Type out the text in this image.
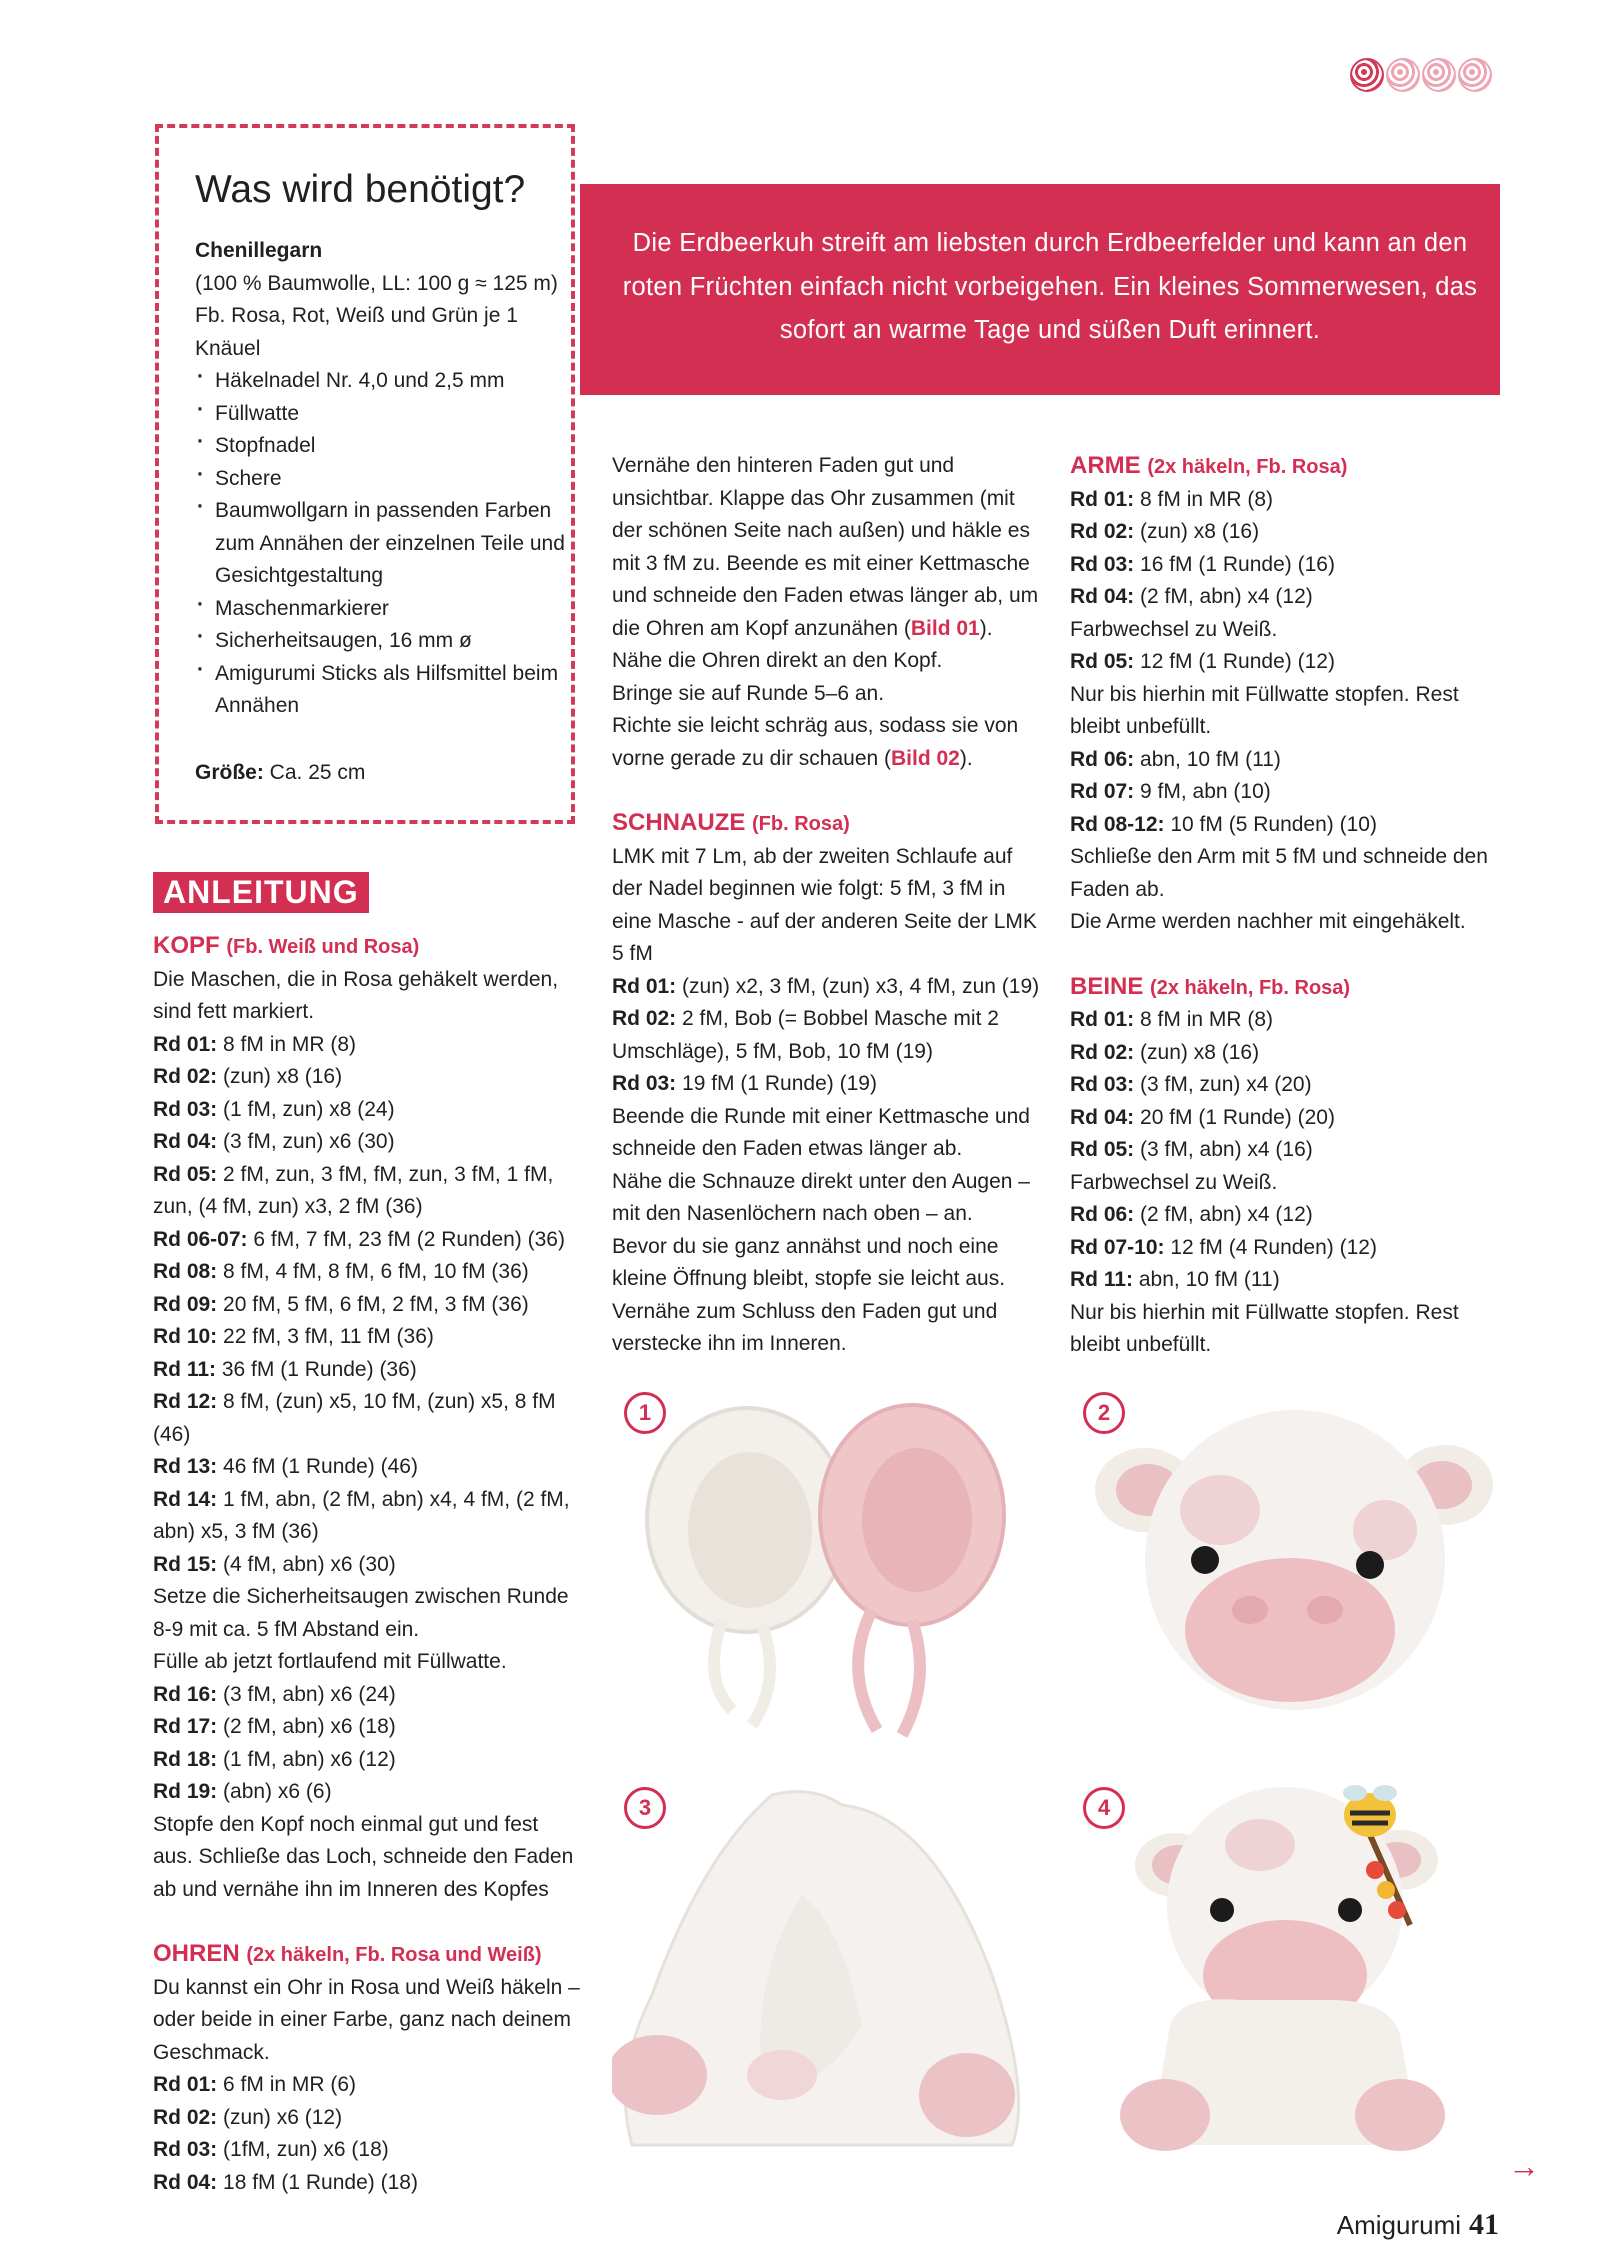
Was wird benötigt?
Chenillegarn
(100 % Baumwolle, LL: 100 g ≈ 125 m) Fb. Rosa, Rot, Weiß und Grün je 1 Knäuel
· Häkelnadel Nr. 4,0 und 2,5 mm
· Füllwatte
· Stopfnadel
· Schere
· Baumwollgarn in passenden Farben zum Annähen der einzelnen Teile und Gesichtgestaltung
· Maschenmarkierer
· Sicherheitsaugen, 16 mm ø
· Amigurumi Sticks als Hilfsmittel beim Annähen
Größe: Ca. 25 cm
Die Erdbeerkuh streift am liebsten durch Erdbeerfelder und kann an den roten Früchten einfach nicht vorbeigehen. Ein kleines Sommerwesen, das sofort an warme Tage und süßen Duft erinnert.
ANLEITUNG
KOPF (Fb. Weiß und Rosa)

Die Maschen, die in Rosa gehäkelt werden, sind fett markiert.

Rd 01: 8 fM in MR (8)

Rd 02: (zun) x8 (16)

Rd 03: (1 fM, zun) x8 (24)

Rd 04: (3 fM, zun) x6 (30)

Rd 05: 2 fM, zun, 3 fM, fM, zun, 3 fM, 1 fM, zun, (4 fM, zun) x3, 2 fM (36)

Rd 06-07: 6 fM, 7 fM, 23 fM (2 Runden) (36)

Rd 08: 8 fM, 4 fM, 8 fM, 6 fM, 10 fM (36)

Rd 09: 20 fM, 5 fM, 6 fM, 2 fM, 3 fM (36)

Rd 10: 22 fM, 3 fM, 11 fM (36)

Rd 11: 36 fM (1 Runde) (36)

Rd 12: 8 fM, (zun) x5, 10 fM, (zun) x5, 8 fM (46)

Rd 13: 46 fM (1 Runde) (46)

Rd 14: 1 fM, abn, (2 fM, abn) x4, 4 fM, (2 fM, abn) x5, 3 fM (36)

Rd 15: (4 fM, abn) x6 (30)

Setze die Sicherheitsaugen zwischen Runde 8-9 mit ca. 5 fM Abstand ein.

Fülle ab jetzt fortlaufend mit Füllwatte.

Rd 16: (3 fM, abn) x6 (24)

Rd 17: (2 fM, abn) x6 (18)

Rd 18: (1 fM, abn) x6 (12)

Rd 19: (abn) x6 (6)

Stopfe den Kopf noch einmal gut und fest aus. Schließe das Loch, schneide den Faden ab und vernähe ihn im Inneren des Kopfes

OHREN (2x häkeln, Fb. Rosa und Weiß)

Du kannst ein Ohr in Rosa und Weiß häkeln – oder beide in einer Farbe, ganz nach deinem Geschmack.

Rd 01: 6 fM in MR (6)

Rd 02: (zun) x6 (12)

Rd 03: (1fM, zun) x6 (18)

Rd 04: 18 fM (1 Runde) (18)

Vernähe den hinteren Faden gut und unsichtbar. Klappe das Ohr zusammen (mit der schönen Seite nach außen) und häkle es mit 3 fM zu. Beende es mit einer Kettmasche und schneide den Faden etwas länger ab, um die Ohren am Kopf anzunähen (Bild 01).

Nähe die Ohren direkt an den Kopf.

Bringe sie auf Runde 5–6 an.

Richte sie leicht schräg aus, sodass sie von vorne gerade zu dir schauen (Bild 02).

SCHNAUZE (Fb. Rosa)

LMK mit 7 Lm, ab der zweiten Schlaufe auf der Nadel beginnen wie folgt: 5 fM, 3 fM in eine Masche - auf der anderen Seite der LMK 5 fM

Rd 01: (zun) x2, 3 fM, (zun) x3, 4 fM, zun (19)

Rd 02: 2 fM, Bob (= Bobbel Masche mit 2 Umschläge), 5 fM, Bob, 10 fM (19)

Rd 03: 19 fM (1 Runde) (19)

Beende die Runde mit einer Kettmasche und schneide den Faden etwas länger ab.

Nähe die Schnauze direkt unter den Augen – mit den Nasenlöchern nach oben – an.

Bevor du sie ganz annähst und noch eine kleine Öffnung bleibt, stopfe sie leicht aus.

Vernähe zum Schluss den Faden gut und verstecke ihn im Inneren.

ARME (2x häkeln, Fb. Rosa)

Rd 01: 8 fM in MR (8)

Rd 02: (zun) x8 (16)

Rd 03: 16 fM (1 Runde) (16)

Rd 04: (2 fM, abn) x4 (12)

Farbwechsel zu Weiß.

Rd 05: 12 fM (1 Runde) (12)

Nur bis hierhin mit Füllwatte stopfen. Rest bleibt unbefüllt.

Rd 06: abn, 10 fM (11)

Rd 07: 9 fM, abn (10)

Rd 08-12: 10 fM (5 Runden) (10)

Schließe den Arm mit 5 fM und schneide den Faden ab.

Die Arme werden nachher mit eingehäkelt.

BEINE (2x häkeln, Fb. Rosa)

Rd 01: 8 fM in MR (8)

Rd 02: (zun) x8 (16)

Rd 03: (3 fM, zun) x4 (20)

Rd 04: 20 fM (1 Runde) (20)

Rd 05: (3 fM, abn) x4 (16)

Farbwechsel zu Weiß.

Rd 06: (2 fM, abn) x4 (12)

Rd 07-10: 12 fM (4 Runden) (12)

Rd 11: abn, 10 fM (11)

Nur bis hierhin mit Füllwatte stopfen. Rest bleibt unbefüllt.

1	2
3	4
→
Amigurumi 41
